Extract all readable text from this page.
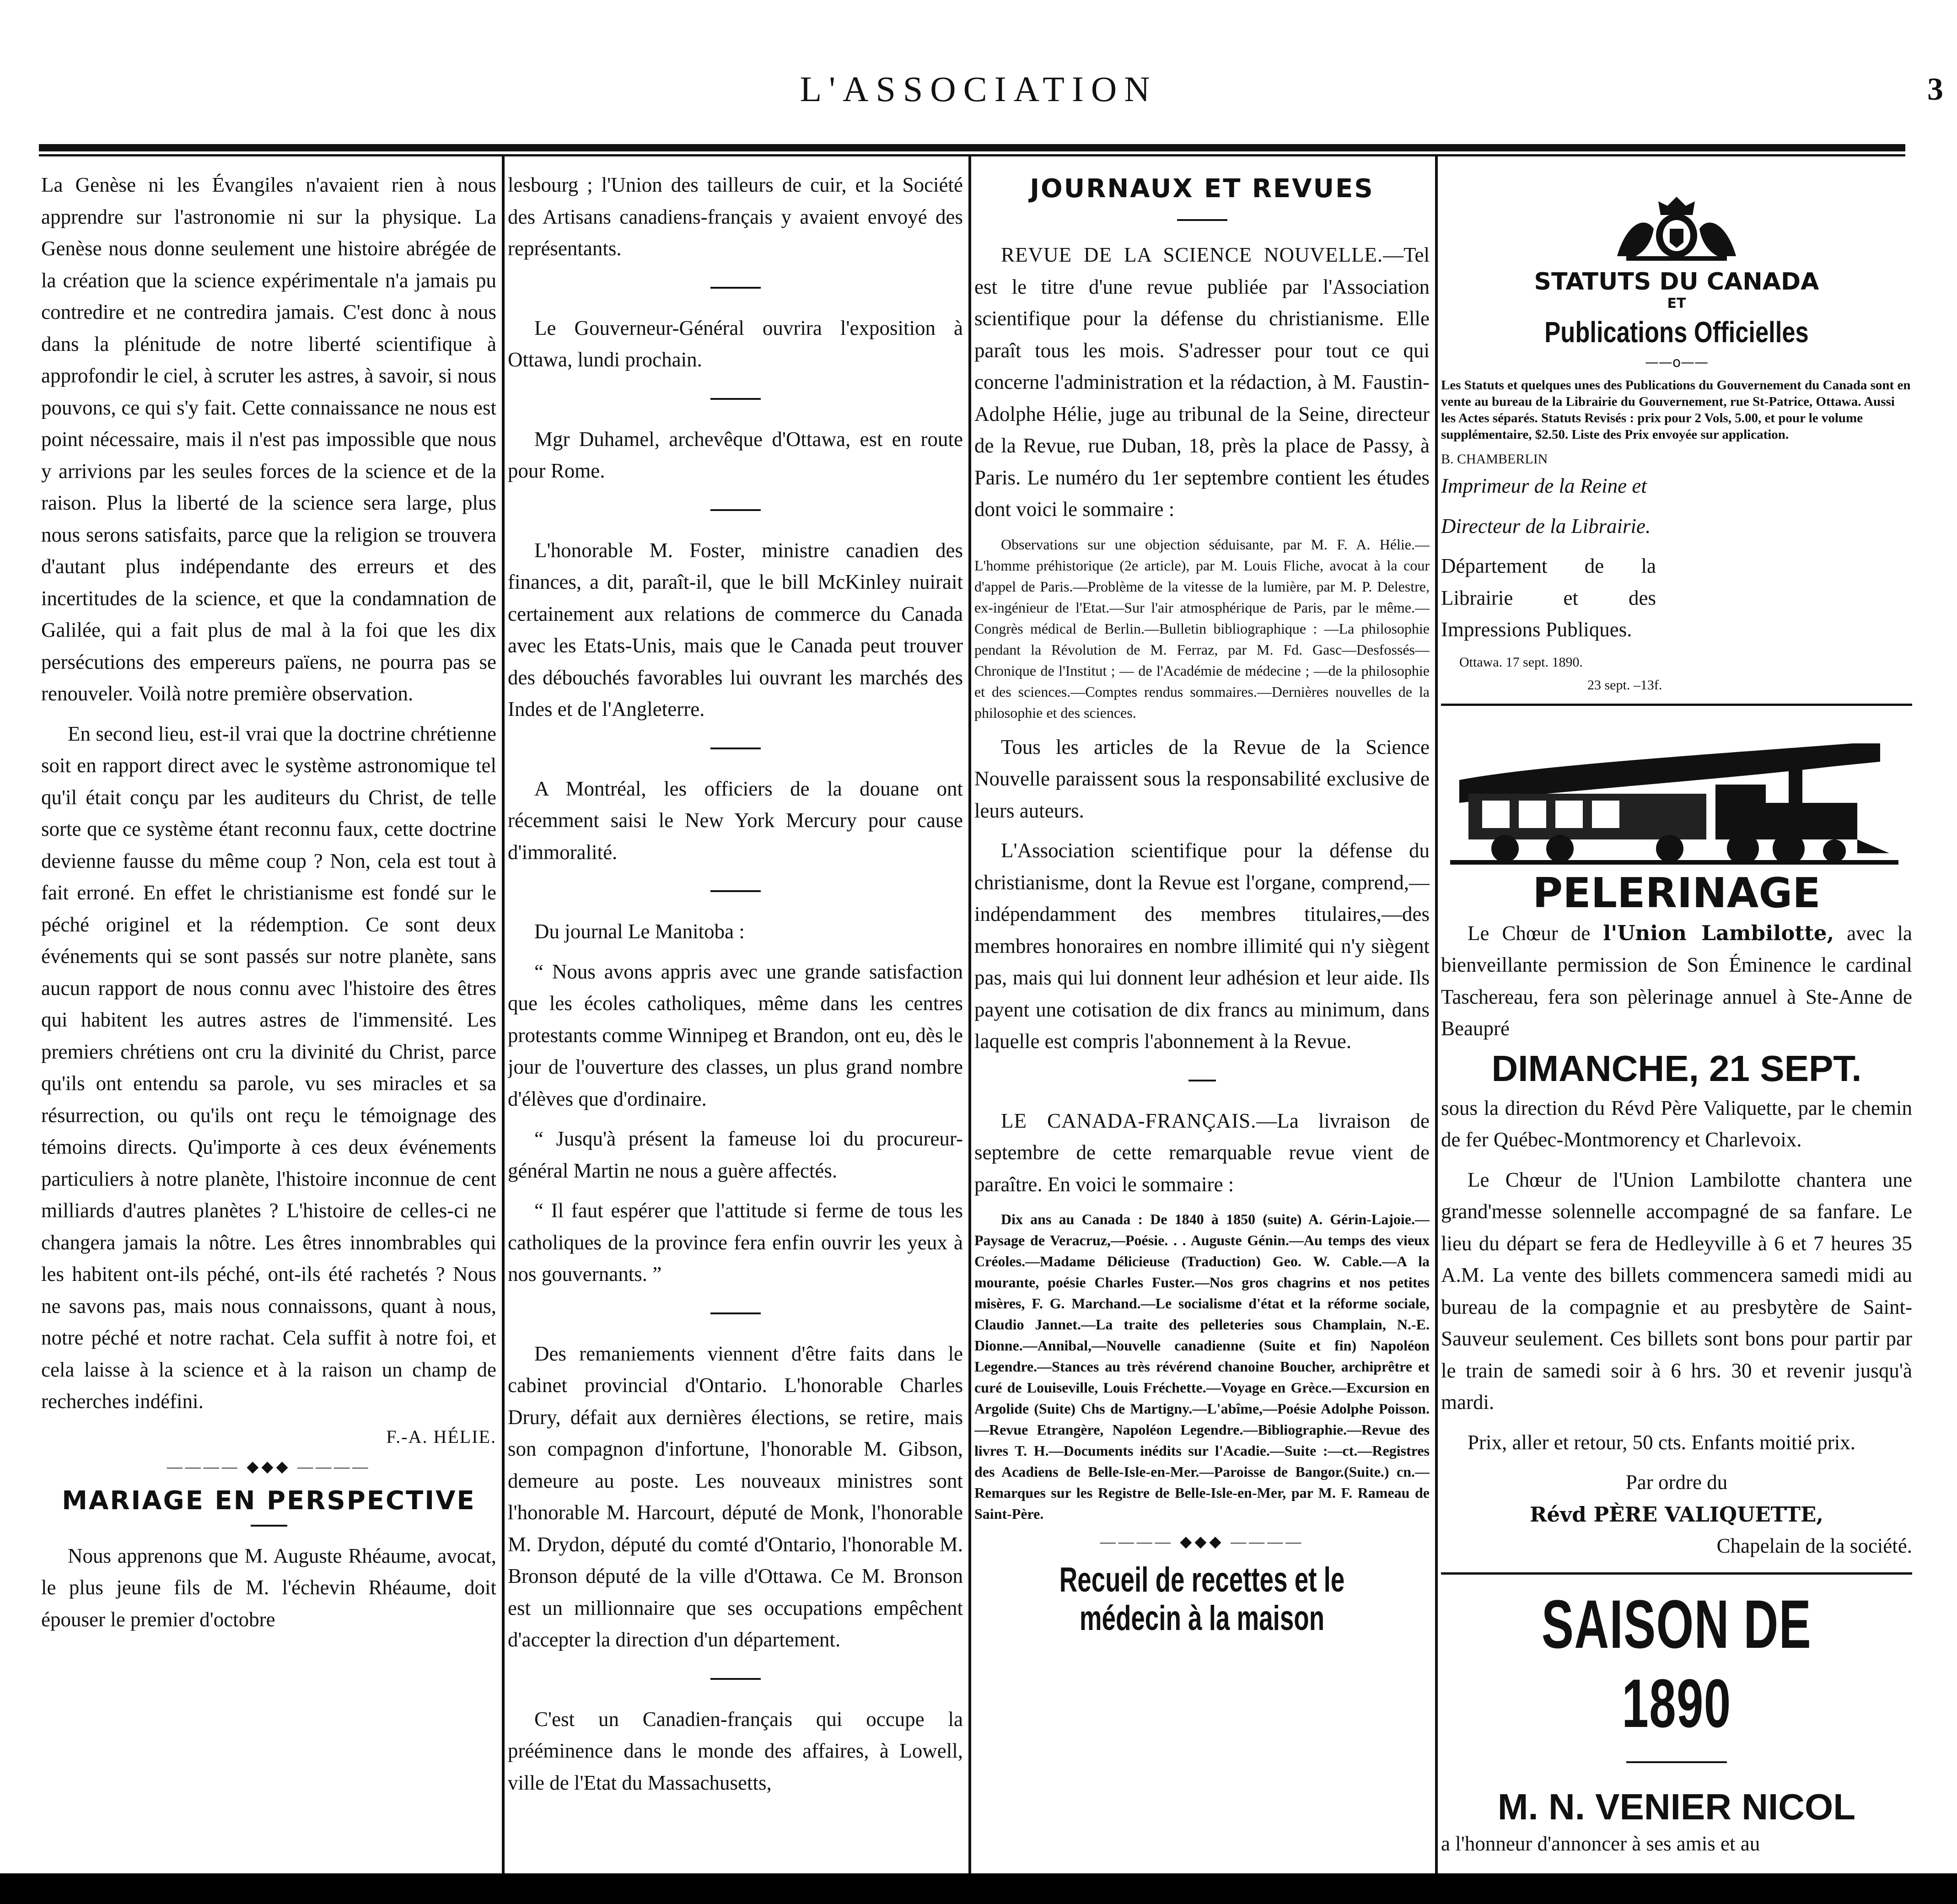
L'ASSOCIATION	3

La Genèse ni les Évangiles n'avaient rien à nous apprendre sur l'astronomie ni sur la physique. La Genèse nous donne seulement une histoire abrégée de la création que la science expérimentale n'a jamais pu contredire et ne contredira jamais. C'est donc à nous dans la plénitude de notre liberté scientifique à approfondir le ciel, à scruter les astres, à savoir, si nous pouvons, ce qui s'y fait. Cette connaissance ne nous est point nécessaire, mais il n'est pas impossible que nous y arrivions par les seules forces de la science et de la raison. Plus la liberté de la science sera large, plus nous serons satisfaits, parce que la religion se trouvera d'autant plus indépendante des erreurs et des incertitudes de la science, et que la condamnation de Galilée, qui a fait plus de mal à la foi que les dix persécutions des empereurs païens, ne pourra pas se renouveler. Voilà notre première observation.

En second lieu, est-il vrai que la doctrine chrétienne soit en rapport direct avec le système astronomique tel qu'il était conçu par les auditeurs du Christ, de telle sorte que ce système étant reconnu faux, cette doctrine devienne fausse du même coup ? Non, cela est tout à fait erroné. En effet le christianisme est fondé sur le péché originel et la rédemption. Ce sont deux événements qui se sont passés sur notre planète, sans aucun rapport de nous connu avec l'histoire des êtres qui habitent les autres astres de l'immensité. Les premiers chrétiens ont cru la divinité du Christ, parce qu'ils ont entendu sa parole, vu ses miracles et sa résurrection, ou qu'ils ont reçu le témoignage des témoins directs. Qu'importe à ces deux événements particuliers à notre planète, l'histoire inconnue de cent milliards d'autres planètes ? L'histoire de celles-ci ne changera jamais la nôtre. Les êtres innombrables qui les habitent ont-ils péché, ont-ils été rachetés ? Nous ne savons pas, mais nous connaissons, quant à nous, notre péché et notre rachat. Cela suffit à notre foi, et cela laisse à la science et à la raison un champ de recherches indéfini.

F.-A. HÉLIE.
———— ◆◆◆ ————
MARIAGE EN PERSPECTIVE

Nous apprenons que M. Auguste Rhéaume, avocat, le plus jeune fils de M. l'échevin Rhéaume, doit épouser le premier d'octobre

lesbourg ; l'Union des tailleurs de cuir, et la Société des Artisans canadiens-français y avaient envoyé des représentants.

Le Gouverneur-Général ouvrira l'exposition à Ottawa, lundi prochain.

Mgr Duhamel, archevêque d'Ottawa, est en route pour Rome.

L'honorable M. Foster, ministre canadien des finances, a dit, paraît-il, que le bill McKinley nuirait certainement aux relations de commerce du Canada avec les Etats-Unis, mais que le Canada peut trouver des débouchés favorables lui ouvrant les marchés des Indes et de l'Angleterre.

A Montréal, les officiers de la douane ont récemment saisi le New York Mercury pour cause d'immoralité.

Du journal Le Manitoba :

“ Nous avons appris avec une grande satisfaction que les écoles catholiques, même dans les centres protestants comme Winnipeg et Brandon, ont eu, dès le jour de l'ouverture des classes, un plus grand nombre d'élèves que d'ordinaire.

“ Jusqu'à présent la fameuse loi du procureur-général Martin ne nous a guère affectés.

“ Il faut espérer que l'attitude si ferme de tous les catholiques de la province fera enfin ouvrir les yeux à nos gouvernants. ”

Des remaniements viennent d'être faits dans le cabinet provincial d'Ontario. L'honorable Charles Drury, défait aux dernières élections, se retire, mais son compagnon d'infortune, l'honorable M. Gibson, demeure au poste. Les nouveaux ministres sont l'honorable M. Harcourt, député de Monk, l'honorable M. Drydon, député du comté d'Ontario, l'honorable M. Bronson député de la ville d'Ottawa. Ce M. Bronson est un millionnaire que ses occupations empêchent d'accepter la direction d'un département.

C'est un Canadien-français qui occupe la prééminence dans le monde des affaires, à Lowell, ville de l'Etat du Massachusetts,

JOURNAUX ET REVUES

REVUE DE LA SCIENCE NOUVELLE.—Tel est le titre d'une revue publiée par l'Association scientifique pour la défense du christianisme. Elle paraît tous les mois. S'adresser pour tout ce qui concerne l'administration et la rédaction, à M. Faustin-Adolphe Hélie, juge au tribunal de la Seine, directeur de la Revue, rue Duban, 18, près la place de Passy, à Paris. Le numéro du 1er septembre contient les études dont voici le sommaire :

Observations sur une objection séduisante, par M. F. A. Hélie.—L'homme préhistorique (2e article), par M. Louis Fliche, avocat à la cour d'appel de Paris.—Problème de la vitesse de la lumière, par M. P. Delestre, ex-ingénieur de l'Etat.—Sur l'air atmosphérique de Paris, par le même.—Congrès médical de Berlin.—Bulletin bibliographique : —La philosophie pendant la Révolution de M. Ferraz, par M. Fd. Gasc—Desfossés—Chronique de l'Institut ; — de l'Académie de médecine ; —de la philosophie et des sciences.—Comptes rendus sommaires.—Dernières nouvelles de la philosophie et des sciences.

Tous les articles de la Revue de la Science Nouvelle paraissent sous la responsabilité exclusive de leurs auteurs.

L'Association scientifique pour la défense du christianisme, dont la Revue est l'organe, comprend,—indépendamment des membres titulaires,—des membres honoraires en nombre illimité qui n'y siègent pas, mais qui lui donnent leur adhésion et leur aide. Ils payent une cotisation de dix francs au minimum, dans laquelle est compris l'abonnement à la Revue.

LE CANADA-FRANÇAIS.—La livraison de septembre de cette remarquable revue vient de paraître. En voici le sommaire :

Dix ans au Canada : De 1840 à 1850 (suite) A. Gérin-Lajoie.—Paysage de Veracruz,—Poésie. . . Auguste Génin.—Au temps des vieux Créoles.—Madame Délicieuse (Traduction) Geo. W. Cable.—A la mourante, poésie Charles Fuster.—Nos gros chagrins et nos petites misères, F. G. Marchand.—Le socialisme d'état et la réforme sociale, Claudio Jannet.—La traite des pelleteries sous Champlain, N.-E. Dionne.—Annibal,—Nouvelle canadienne (Suite et fin) Napoléon Legendre.—Stances au très révérend chanoine Boucher, archiprêtre et curé de Louiseville, Louis Fréchette.—Voyage en Grèce.—Excursion en Argolide (Suite) Chs de Martigny.—L'abîme,—Poésie Adolphe Poisson.—Revue Etrangère, Napoléon Legendre.—Bibliographie.—Revue des livres T. H.—Documents inédits sur l'Acadie.—Suite :—ct.—Registres des Acadiens de Belle-Isle-en-Mer.—Paroisse de Bangor.(Suite.) cn.—Remarques sur les Registre de Belle-Isle-en-Mer, par M. F. Rameau de Saint-Père.

———— ◆◆◆ ————
Recueil de recettes et le médecin à la maison
STATUTS DU CANADA
ET
Publications Officielles
——o——

Les Statuts et quelques unes des Publications du Gouvernement du Canada sont en vente au bureau de la Librairie du Gouvernement, rue St-Patrice, Ottawa. Aussi les Actes séparés. Statuts Revisés : prix pour 2 Vols, 5.00, et pour le volume supplémentaire, $2.50. Liste des Prix envoyée sur application.

B. CHAMBERLIN

Imprimeur de la Reine et

Directeur de la Librairie.

Département de la Librairie et des Impressions Publiques.

Ottawa. 17 sept. 1890.

23 sept. –13f.

PELERINAGE

Le Chœur de l'Union Lambilotte, avec la bienveillante permission de Son Éminence le cardinal Taschereau, fera son pèlerinage annuel à Ste-Anne de Beaupré

DIMANCHE, 21 SEPT.

sous la direction du Révd Père Valiquette, par le chemin de fer Québec-Montmorency et Charlevoix.

Le Chœur de l'Union Lambilotte chantera une grand'messe solennelle accompagné de sa fanfare. Le lieu du départ se fera de Hedleyville à 6 et 7 heures 35 A.M. La vente des billets commencera samedi midi au bureau de la compagnie et au presbytère de Saint-Sauveur seulement. Ces billets sont bons pour partir par le train de samedi soir à 6 hrs. 30 et revenir jusqu'à mardi.

Prix, aller et retour, 50 cts. Enfants moitié prix.

Par ordre du

Révd PÈRE VALIQUETTE,

Chapelain de la société.

SAISON DE 1890
M. N. VENIER NICOL

a l'honneur d'annoncer à ses amis et au
